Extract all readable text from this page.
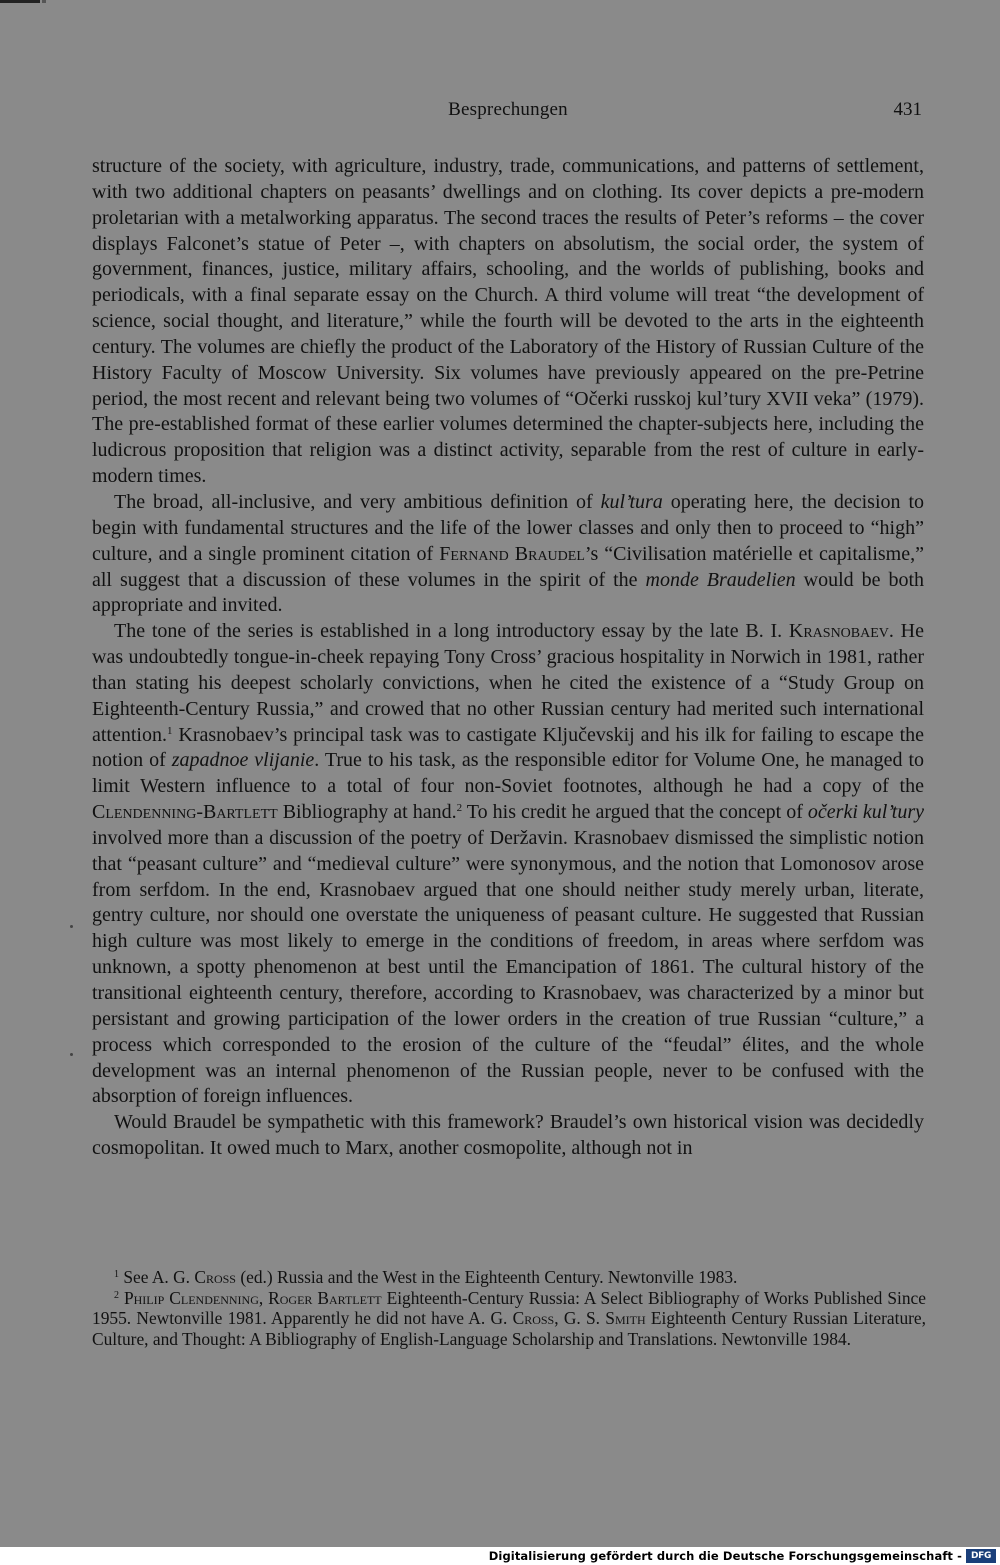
Besprechungen	431

structure of the society, with agriculture, industry, trade, communications, and patterns of settlement, with two additional chapters on peasants’ dwellings and on clothing. Its cover depicts a pre-modern proletarian with a metalworking apparatus. The second traces the results of Peter’s reforms – the cover displays Falconet’s statue of Peter –, with chapters on absolutism, the social order, the system of government, finances, justice, military affairs, schooling, and the worlds of publishing, books and periodicals, with a final separate essay on the Church. A third volume will treat “the development of science, social thought, and literature,” while the fourth will be devoted to the arts in the eighteenth century. The volumes are chiefly the product of the Laboratory of the History of Russian Culture of the History Faculty of Moscow University. Six volumes have previously appeared on the pre-Petrine period, the most recent and relevant being two volumes of “Očerki russkoj kul’tury XVII veka” (1979). The pre-established format of these earlier volumes determined the chapter-subjects here, including the ludicrous proposition that religion was a distinct activity, separable from the rest of culture in early-modern times.

The broad, all-inclusive, and very ambitious definition of kul’tura operating here, the decision to begin with fundamental structures and the life of the lower classes and only then to proceed to “high” culture, and a single prominent citation of Fernand Braudel’s “Civilisation matérielle et capitalisme,” all suggest that a discussion of these volumes in the spirit of the monde Braudelien would be both appropriate and invited.

The tone of the series is established in a long introductory essay by the late B. I. Krasnobaev. He was undoubtedly tongue-in-cheek repaying Tony Cross’ gracious hospitality in Norwich in 1981, rather than stating his deepest scholarly convictions, when he cited the existence of a “Study Group on Eighteenth-Century Russia,” and crowed that no other Russian century had merited such international attention.$^1$ Krasnobaev’s principal task was to castigate Ključevskij and his ilk for failing to escape the notion of zapadnoe vlijanie. True to his task, as the responsible editor for Volume One, he managed to limit Western influence to a total of four non-Soviet footnotes, although he had a copy of the Clendenning-Bartlett Bibliography at hand.$^2$ To his credit he argued that the concept of očerki kul’tury involved more than a discussion of the poetry of Deržavin. Krasnobaev dismissed the simplistic notion that “peasant culture” and “medieval culture” were synonymous, and the notion that Lomonosov arose from serfdom. In the end, Krasnobaev argued that one should neither study merely urban, literate, gentry culture, nor should one overstate the uniqueness of peasant culture. He suggested that Russian high culture was most likely to emerge in the conditions of freedom, in areas where serfdom was unknown, a spotty phenomenon at best until the Emancipation of 1861. The cultural history of the transitional eighteenth century, therefore, according to Krasnobaev, was characterized by a minor but persistant and growing participation of the lower orders in the creation of true Russian “culture,” a process which corresponded to the erosion of the culture of the “feudal” élites, and the whole development was an internal phenomenon of the Russian people, never to be confused with the absorption of foreign influences.

Would Braudel be sympathetic with this framework? Braudel’s own historical vision was decidedly cosmopolitan. It owed much to Marx, another cosmopolite, although not in

$^1$ See A. G. Cross (ed.) Russia and the West in the Eighteenth Century. Newtonville 1983.

$^2$ Philip Clendenning, Roger Bartlett Eighteenth-Century Russia: A Select Bibliography of Works Published Since 1955. Newtonville 1981. Apparently he did not have A. G. Cross, G. S. Smith Eighteenth Century Russian Literature, Culture, and Thought: A Bibliography of English-Language Scholarship and Translations. Newtonville 1984.

Digitalisierung gefördert durch die Deutsche Forschungsgemeinschaft - DFG
